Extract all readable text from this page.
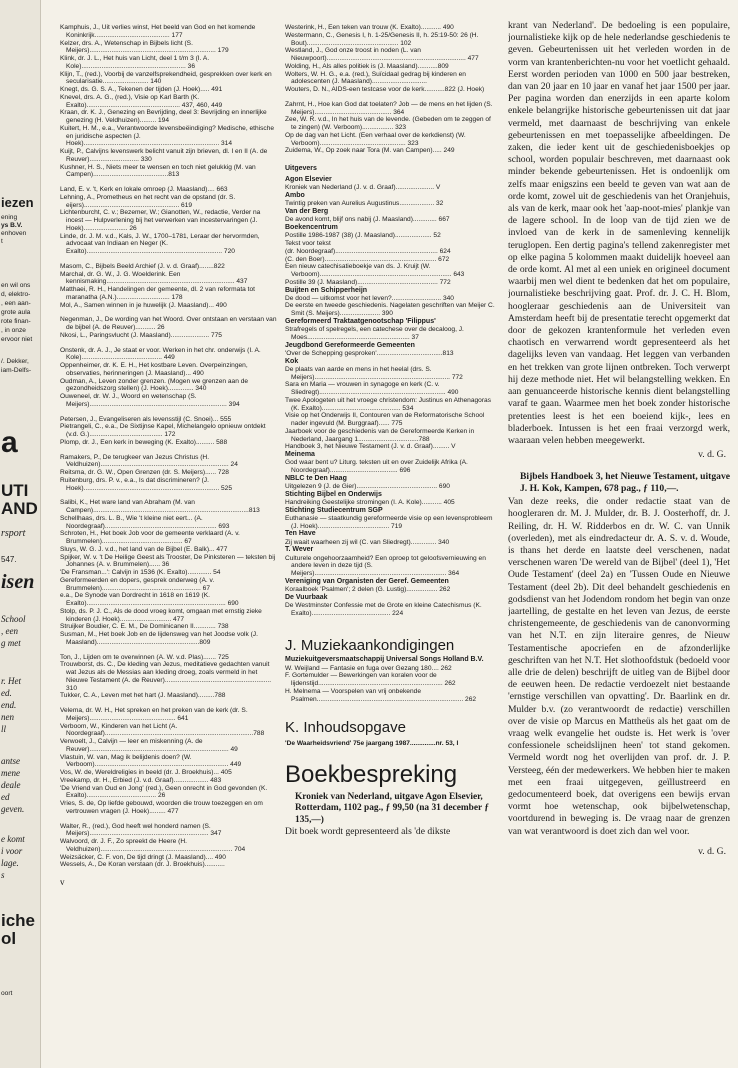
iezen
ening
ys B.V.
enhoven
t
en wil ons
d, elektro-
, een aan-
grote aula
rote finan-
, in onze
ervoor niet
/. Dekker,
iam-Delfs-
a
UTI
AND
rsport
547.
isen
School
, een
g met
r. Het
ed.
end.
nen
ll
antse
mene
deale
ed
geven.
e komt
i voor
lage.
s
iche
ol
oort

Kamphuis, J., Uit verlies winst, Het beeld van God en het komende Koninkrijk......................................... 177

Kelzer, drs. A., Wetenschap in Bijbels licht (S. Meijers)..................................................................... 179

Klink, dr. J. L., Het huis van Licht, deel 1 t/m 3 (I. A. Kole)......................................................... 36

Klijn, T., (red.), Voorbij de vanzelfsprekendheid, gesprekken over kerk en secularisatie......................... 140

Knegt, ds. G. S. A., Tekenen der tijden (J. Hoek)..... 491

Knevel, drs. A. G., (red.), Visie op Karl Barth (K. Exalto)................................................... 437, 460, 449

Kraan, dr. K. J., Genezing en Bevrijding, deel 3: Bevrijding en innerlijke genezing (H. Veldhuizen)......... 194

Kuitert, H. M., e.a., Verantwoorde levensbeëindiging? Medische, ethische en juridische aspecten (J. Hoek).......................................................................... 314

Kuijt, P., Calvijns levenswerk belicht vanuit zijn brieven, dl. I en II (A. de Reuver)........................... 330

Kushner, H. S., Niets meer te wensen en toch niet gelukkig (M. van Campen).........................................813

Land, E. v. 't, Kerk en lokale omroep (J. Maasland).... 663

Lehning, A., Prometheus en het recht van de opstand (dr. S. eijers).................................................... 619

Lichtenburcht, C. v.; Bezemer, W.; Gianotten, W., redactie, Verder na incest — Hulpverlening bij het verwerken van incestervaringen (J. Hoek)........................ 26

Linde, dr. J. M. v.d., Kals, J. W., 1700–1781, Leraar der hervormden, advocaat van Indiaan en Neger (K. Exalto).......................................................................... 720

Masom, C., Bijbels Beeld Archief (J. v. d. Graaf)........822

Marchal, dr. G. W., J. G. Woelderink. Een kennismaking...................................................................... 437

Matthaei, R. H., Handelingen der gemeente, dl. 2 van reformata tot maranatha (A.N.)............................. 178

Mol, A., Samen winnen in je huwelijk (J. Maasland)... 490

Negenman, J., De wording van het Woord. Over ontstaan en verstaan van de bijbel (A. de Reuver)........... 26

Nkosi, L., Paringsvlucht (J. Maasland)..................... 775

Onstenk, dr. A. J., Je staat er voor. Werken in het chr. onderwijs (I. A. Kole)............................................ 449

Oppenheimer, dr. K. E. H., Het kostbare Leven. Overpeinzingen, observaties, herinneringen (J. Maasland)... 490

Oudman, A., Leven zonder grenzen. (Mogen we grenzen aan de gezondheidszorg stellen) (J. Hoek).............. 340

Ouweneel, dr. W. J., Woord en wetenschap (S. Meijers)........................................................................... 394

Petersen, J., Evangeliseren als levensstijl (C. Snoei)... 555

Pietrangeli, C., e.a., De Sixtijnse Kapel, Michelangelo opnieuw ontdekt (v.d. G.)........................................ 172

Plomp, dr. J., Een kerk in beweging (K. Exalto).......... 588

Ramakers, P., De terugkeer van Jezus Christus (H. Veldhuizen)...................................................................... 24

Reitsma, dr. G. W., Open Grenzen (dr. S. Meijers)...... 728

Ruitenburg, drs. P. v., e.a., Is dat discrimineren? (J. Hoek).......................................................................... 525

Salibi, K., Het ware land van Abraham (M. van Campen).....................................................................................813

Schellhaas, drs. L. B., Wie 't kleine niet eert... (A. Noordegraaf)............................................................. 693

Schroten, H., Het boek Job voor de gemeente verklaard (A. v. Brummelen)............................................ 67

Sluys, W. G. J. v.d., het land van de Bijbel (E. Balk)... 477

Spijker, W. v. 't De Heilige Geest als Trooster, De Pinksteren — teksten bij Johannes (A. v. Brummelen)...... 36

'De Fransman...': Calvijn in 1536 (K. Exalto)............. 54

Gereformeerden en dopers, gesprek onderweg (A. v. Brummelen)...................................................... 67

e.a., De Synode van Dordrecht in 1618 en 1619 (K. Exalto)............................................................................ 690

Stolp, ds. P. J. C., Als de dood vroeg komt, omgaan met ernstig zieke kinderen (J. Hoek)............................ 477

Struijker Boudier, C. E. M., De Dominicanen II............ 738

Susman, M., Het boek Job en de lijdensweg van het Joodse volk (J. Maasland)........................................................809

Ton, J., Lijden om te overwinnen (A. W. v.d. Plas)....... 725

Trouwborst, ds. C., De kleding van Jezus, meditatieve gedachten vanuit wat Jezus als de Messias aan kleding droeg, zoals vermeld in het Nieuwe Testament (A. de Reuver).......................................................... 310

Tukker, C. A., Leven met het hart (J. Maasland).........788

Velema, dr. W. H., Het spreken en het preken van de kerk (dr. S. Meijers)............................................... 641

Verboom, W., Kinderen van het Licht (A. Noordegraaf).................................................................................788

Verwoelt, J., Calvijn — leer en miskenning (A. de Reuver)............................................................................ 49

Vlastuin, W. van, Mag ik belijdenis doen? (W. Verboom)......................................................................... 449

Vos, W. de, Wereldreligies in beeld (dr. J. Broekhuis)... 405

Vreekamp, dr. H., Erbied (J. v.d. Graaf)................... 483

'De Vriend van Oud en Jong' (red.), Geen onrecht in God gevonden (K. Exalto)...................................... 26

Vries, S. de, Op liefde gebouwd, woorden die trouw toezeggen en om vertrouwen vragen (J. Hoek)......... 477

Walter, R., (red.), God heeft wel honderd namen (S. Meijers)................................................................. 347

Walvoord, dr. J. F., Zo spreekt de Heere (H. Veldhuizen)........................................................................ 704

Weizsäcker, C. F. von, De tijd dringt (J. Maasland).... 490

Wessels, A., De Koran verstaan (dr. J. Broekhuis)...........

v

Westerink, H., Een teken van trouw (K. Exalto)........... 490

Westermann, C., Genesis I, h. 1-25/Genesis II, h. 25:19-50: 26 (H. Bout).................................................. 102

Westland, J., God onze troost in noden (L. van Nieuwpoort)............................................................................ 477

Wolding, H., Als alles politiek is (J. Maasland)...........809

Wolters, W. H. G., e.a. (red.), Suïcidaal gedrag bij kinderen en adolescenten (J. Maasland)..............................

Wouters, D. N., AIDS-een testcase voor de kerk...........822 (J. Hoek)

Zahrnt, H., Hoe kan God dat toelaten? Job — de mens en het lijden (S. Meijers).......................................... 364

Zee, W. R. v.d., In het huis van de levende. (Gebeden om te zeggen of te zingen) (W. Verboom)................. 323

Op de dag van het Licht. (Een verhaal over de kerkdienst) (W. Verboom)............................................... 323

Zuidema, W., Op zoek naar Tora (M. van Campen)..... 249

Uitgevers
Agon Elsevier

Kroniek van Nederland (J. v. d. Graaf)..................... V

Ambo

Twintig preken van Aurelius Augustinus................... 32

Van der Berg

De avond komt, blijf ons nabij (J. Maasland)............. 667

Boekencentrum

Postille 1986-1987 (38) (J. Maasland).................... 52

Tekst voor tekst

(dr. Noordegraaf)........................................................ 624

(C. den Boer)............................................................. 672

Een nieuw catechisatieboekje van ds. J. Kruijt (W. Verboom)........................................................................ 643

Postille 39 (J. Maasland)............................................ 772

Buijten en Schipperheijn

De dood — uitkomst voor het leven?........................... 340

De eerste en tweede geschiedenis. Nagelaten geschriften van Meijer C. Smit (S. Meijers)...................... 390

Gereformeerd Traktaatgenootschap 'Filippus'

Strafregels of spelregels, een catechese over de decaloog, J. Moes........................................................ 37

Jeugdbond Gereformeerde Gemeenten

'Over de Schepping gesproken'....................................813

Kok

De plaats van aarde en mens in het heelal (drs. S. Meijers).......................................................................... 772

Sara en Maria — vrouwen in synagoge en kerk (C. v. Sliedregt)..................................................................... 490

Twee Apologeten uit het vroege christendom: Justinus en Athenagoras (K. Exalto)........................................... 534

Visie op het Onderwijs II, Contouren van de Reformatorische School nader ingevuld (M. Burggraaf)...... 775

Jaarboek voor de geschiedenis van de Gereformeerde Kerken in Nederland, Jaargang 1.................................788

Handboek 3, het Nieuwe Testament (J. v. d. Graaf)......... V

Meinema

God waar bent u? Liturg. teksten uit en over Zuidelijk Afrika (A. Noordegraaf)..................................... 696

NBLC te Den Haag

Uitgelezen 9 (J. de Gier)............................................ 690

Stichting Bijbel en Onderwijs

Handreiking Geestelijke stromingen (I. A. Kole)........... 405

Stichting Studiecentrum SGP

Euthanasie — staatkundig gereformeerde visie op een levensprobleem (J. Hoek)....................................... 719

Ten Have

Zij waait waarheen zij wil (C. van Sliedregt).............. 340

T. Wever

Culturele ongehoorzaamheid? Een oproep tot geloofsvernieuwing en andere leven in deze tijd (S. Meijers)........................................................................ 364

Vereniging van Organisten der Geref. Gemeenten

Koraalboek 'Psalmen'; 2 delen (G. Lustig)................. 262

De Vuurbaak

De Westminster Confessie met de Grote en kleine Catechismus (K. Exalto)........................................... 224

J. Muziekaankondigingen
Muziekuitgeversmaatschappij Universal Songs Holland B.V.

W. Weijland — Fantasie en fuga over Gezang 180.... 262

F. Gortemulder — Bewerkingen van koralen voor de lijdenstijd.................................................................... 262

H. Melnema — Voorspelen van vrij onbekende Psalmen................................................................................ 262

K. Inhoudsopgave

'De Waarheidsvriend' 75e jaargang 1987..............nr. 53, I

Boekbespreking

Kroniek van Nederland, uitgave Agon Elsevier, Rotterdam, 1102 pag., ƒ 99,50 (na 31 december ƒ 135,—)

Dit boek wordt gepresenteerd als 'de dikste

krant van Nederland'. De bedoeling is een populaire, journalistieke kijk op de hele nederlandse geschiedenis te geven. Gebeurtenissen uit het verleden worden in de vorm van krantenberichten-nu voor het voetlicht gehaald. Eerst worden perioden van 1000 en 500 jaar bestreken, dan van 20 jaar en 10 jaar en vanaf het jaar 1500 per jaar. Per pagina worden dan enerzijds in een aparte kolom enkele belangrijke historische gebeurtenissen uit dat jaar vermeld, met daarnaast de beschrijving van enkele gebeurtenissen en met toepasselijke afbeeldingen. De zaken, die ieder kent uit de geschiedenisboekjes op school, worden populair beschreven, met daarnaast ook minder bekende gebeurtenissen. Het is ondoenlijk om zelfs maar enigszins een beeld te geven van wat aan de orde komt, zowel uit de geschiedenis van het Oranjehuis, als van de kerk, maar ook het 'aap-noot-mies' plankje van de lagere school. In de loop van de tijd zien we de invloed van de kerk in de samenleving kennelijk teruglopen. Een dertig pagina's tellend zakenregister met op elke pagina 5 kolommen maakt duidelijk hoeveel aan de orde komt. Al met al een uniek en origineel document waarbij men wel dient te bedenken dat het om populaire, journalistieke beschrijving gaat. Prof. dr. J. C. H. Blom, hoogleraar geschiedenis aan de Universiteit van Amsterdam heeft bij de presentatie terecht opgemerkt dat door de gekozen krantenformule het verleden even chaotisch en verwarrend wordt gepresenteerd als het dagelijks leven van vandaag. Het leggen van verbanden en het trekken van grote lijnen ontbreken. Toch verwerpt hij deze methode niet. Het wil belangstelling wekken. En aan genuanceerde historische kennis dient belangstelling varaf te gaan. Waarmee men het boek zonder historische pretenties leest is het een boeiend kijk-, lees en bladerboek. Intussen is het een fraai verzorgd werk, waaraan velen hebben meegewerkt.

v. d. G.

Bijbels Handboek 3, het Nieuwe Testament, uitgave J. H. Kok, Kampen, 678 pag., ƒ 110,—.

Van deze reeks, die onder redactie staat van de hoogleraren dr. M. J. Mulder, dr. B. J. Oosterhoff, dr. J. Reiling, dr. H. W. Ridderbos en dr. W. C. van Unnik (overleden), met als eindredacteur dr. A. S. v. d. Woude, is thans het derde en laatste deel verschenen, nadat verschenen waren 'De wereld van de Bijbel' (deel 1), 'Het Oude Testament' (deel 2a) en 'Tussen Oude en Nieuwe Testament (deel 2b). Dit deel behandelt geschiedenis en godsdienst van het Jodendom rondom het begin van onze jaartelling, de gestalte en het leven van Jezus, de eerste christengemeente, de geschiedenis van de canonvorming van het N.T. en zijn literaire genres, de Nieuw Testamentische apocriefen en de afzonderlijke geschriften van het N.T. Het slothoofdstuk (bedoeld voor alle drie de delen) beschrijft de uitleg van de Bijbel door de eeuwen heen. De redactie verdoezelt niet bestaande 'ernstige verschillen van opvatting'. Dr. Baarlink en dr. Mulder b.v. (zo verantwoordt de redactie) verschillen over de visie op Marcus en Mattheüs als het gaat om de vraag welk evangelie het oudste is. Het werk is 'over confessionele scheidslijnen heen' tot stand gekomen. Vermeld wordt nog het overlijden van prof. dr. J. P. Versteeg, één der medewerkers. We hebben hier te maken met een fraai uitgegeven, geïllustreerd en gedocumenteerd boek, dat overigens een bewijs ervan vormt hoe wetenschap, ook bijbelwetenschap, voortdurend in beweging is. De vraag naar de grenzen van wat verantwoord is doet zich dan wel voor.

v. d. G.
